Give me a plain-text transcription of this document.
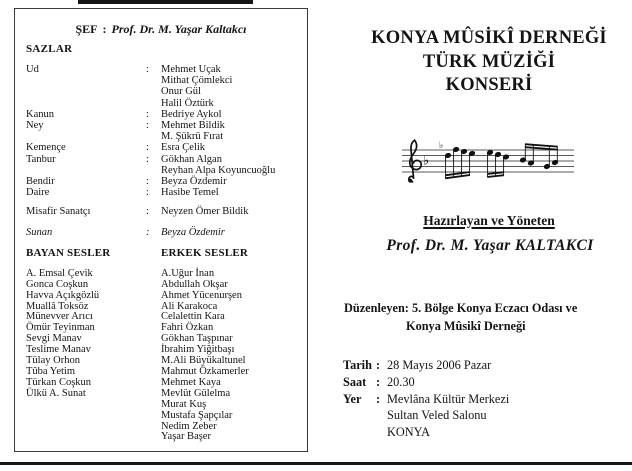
ŞEF : Prof. Dr. M. Yaşar Kaltakcı
SAZLAR
Ud	:	Mehmet Uçak
Mithat Çömlekci
Onur Gül
Halil Öztürk
Kanun	:	Bedriye Aykol
Ney	:	Mehmet Bildik
M. Şükrü Fırat
Kemençe	:	Esra Çelik
Tanbur	:	Gökhan Algan
Reyhan Alpa Koyuncuoğlu
Bendir	:	Beyza Özdemir
Daire	:	Hasibe Temel
Misafir Sanatçı	:	Neyzen Ömer Bildik
Sunan	:	Beyza Özdemir
BAYAN SESLER
A. Emsal Çevik
Gonca Coşkun
Havva Açıkgözlü
Muallâ Toksöz
Münevver Arıcı
Ömür Teyinman
Sevgi Manav
Teslime Manav
Tülay Orhon
Tûba Yetim
Türkan Coşkun
Ülkü A. Sunat
ERKEK SESLER
A.Uğur İnan
Abdullah Okşar
Ahmet Yücenurşen
Ali Karakoca
Celalettin Kara
Fahri Özkan
Gökhan Taşpınar
İbrahim Yiğitbaşı
M.Ali Büyükaltunel
Mahmut Özkamerler
Mehmet Kaya
Mevlüt Gülelma
Murat Kuş
Mustafa Şapçılar
Nedim Zeber
Yaşar Başer
KONYA MÛSİKÎ DERNEĞİ
TÜRK MÜZİĞİ
KONSERİ
♭
♭
Hazırlayan ve Yöneten
Prof. Dr. M. Yaşar KALTAKCI
Düzenleyen: 5. Bölge Konya Eczacı Odası ve
Konya Mûsikî Derneği
Tarih : 28 Mayıs 2006 Pazar
Saat : 20.30
Yer	: Mevlâna Kültür Merkezi
Sultan Veled Salonu
KONYA
